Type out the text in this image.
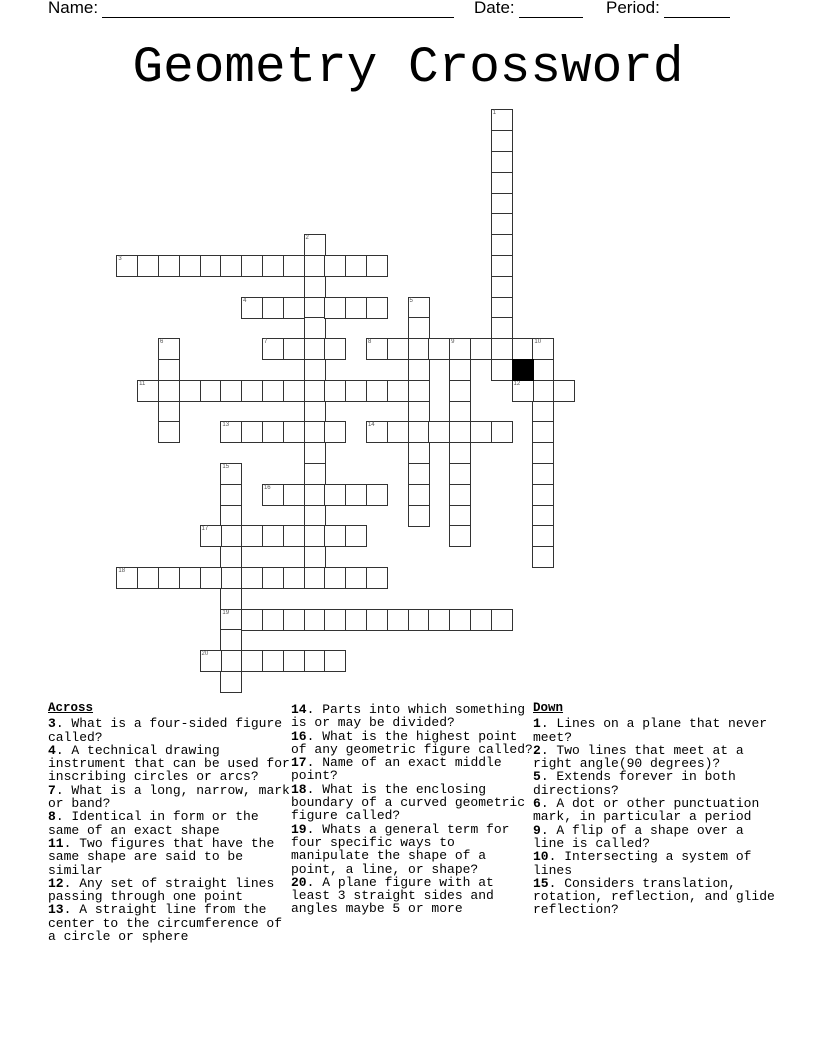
Name:	Date:	Period:
Geometry Crossword
1
2
3
4	5
6	7	8	9	10
11	12
13	14
15
19
16
17
18
20
Across
3. What is a four-sided figure called?
4. A technical drawing instrument that can be used for inscribing circles or arcs?
7. What is a long, narrow, mark or band?
8. Identical in form or the same of an exact shape
11. Two figures that have the same shape are said to be similar
12. Any set of straight lines passing through one point
13. A straight line from the center to the circumference of a circle or sphere
14. Parts into which something is or may be divided?
16. What is the highest point of any geometric figure called?
17. Name of an exact middle point?
18. What is the enclosing boundary of a curved geometric figure called?
19. Whats a general term for four specific ways to manipulate the shape of a point, a line, or shape?
20. A plane figure with at least 3 straight sides and angles maybe 5 or more
Down
1. Lines on a plane that never meet?
2. Two lines that meet at a right angle(90 degrees)?
5. Extends forever in both directions?
6. A dot or other punctuation mark, in particular a period
9. A flip of a shape over a line is called?
10. Intersecting a system of lines
15. Considers translation, rotation, reflection, and glide reflection?
